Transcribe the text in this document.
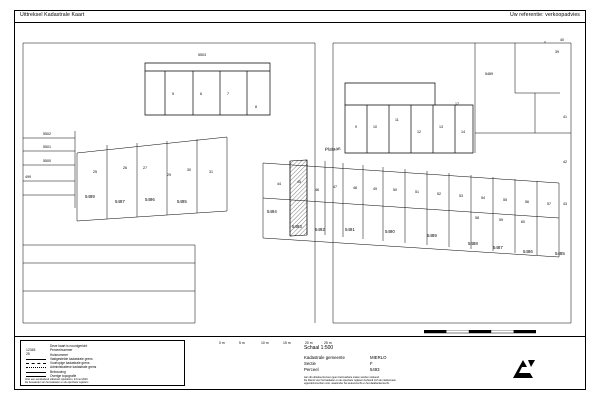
Uittreksel Kadastrale Kaart	Uw referentie: verkoopadvies
5503
5	6	7
8
9	10
11
12
13
14
17
5489
39
40
5502
5501
5500
499
5499
5497	5496	5495
25
26	27
29
30	31
Plataan
5494
5493
5492	5491	5490
5489
5488
5487
5486	5485
44	45
46
47	48	49	50	51	52	53	54	55	56	57
58	59	60
41
42
43
Deze kaart is noordgericht
12345	Perceelnummer
25	Huisnummer
Vastgestelde kadastrale grens
Voorlopige kadastrale grens
Administratieve kadastrale grens
Bebouwing
Overige topografie
Voor een eensluidend uittreksel, Apeldoorn, 23 mei 2016
De bewaarder van het kadaster en de openbare registers
0 m	5 m	10 m	15 m	20 m	25 m
Schaal 1:500
Kadastrale gemeente	MIERLO
Sectie	F
Perceel	5493
Aan dit uittreksel kunnen geen betrouwbare maten worden ontleend.
De Dienst voor het kadaster en de openbare registers behoudt zich de intellectuele
eigendomsrechten voor, waaronder het auteursrecht en het databankenrecht.
